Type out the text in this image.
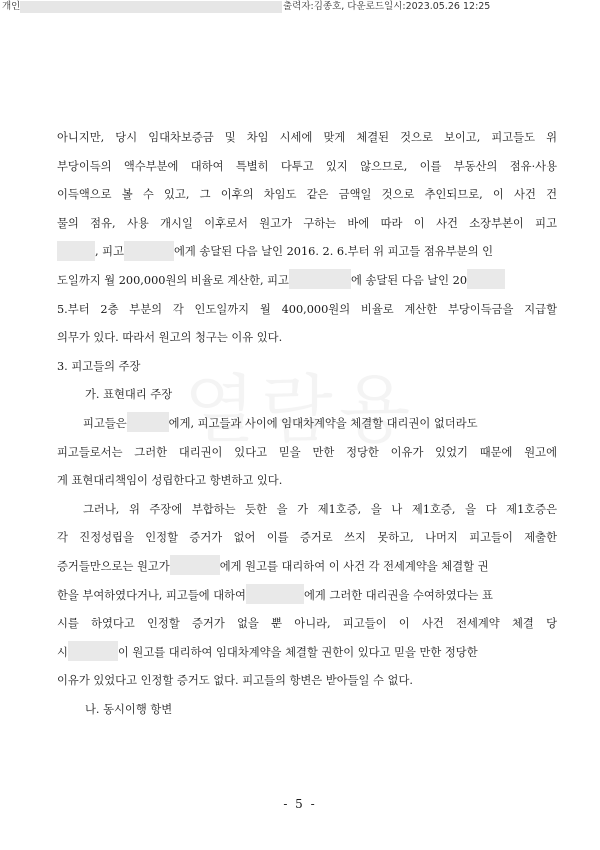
개인	출력자:김종호, 다운로드일시:2023.05.26 12:25
아니지만, 당시 임대차보증금 및 차임 시세에 맞게 체결된 것으로 보이고, 피고들도 위
부당이득의 액수부분에 대하여 특별히 다투고 있지 않으므로, 이를 부동산의 점유·사용
이득액으로 볼 수 있고, 그 이후의 차임도 같은 금액일 것으로 추인되므로, 이 사건 건
물의 점유, 사용 개시일 이후로서 원고가 구하는 바에 따라 이 사건 소장부본이 피고
, 피고	에게 송달된 다음 날인 2016. 2. 6.부터 위 피고들 점유부분의 인
도일까지 월 200,000원의 비율로 계산한, 피고	에 송달된 다음 날인 20
5.부터 2층 부분의 각 인도일까지 월 400,000원의 비율로 계산한 부당이득금을 지급할
의무가 있다. 따라서 원고의 청구는 이유 있다.
3. 피고들의 주장
가. 표현대리 주장
피고들은	에게, 피고들과 사이에 임대차계약을 체결할 대리권이 없더라도
피고들로서는 그러한 대리권이 있다고 믿을 만한 정당한 이유가 있었기 때문에 원고에
게 표현대리책임이 성립한다고 항변하고 있다.
그러나, 위 주장에 부합하는 듯한 을 가 제1호증, 을 나 제1호증, 을 다 제1호증은
각 진정성립을 인정할 증거가 없어 이를 증거로 쓰지 못하고, 나머지 피고들이 제출한
증거들만으로는 원고가	에게 원고를 대리하여 이 사건 각 전세계약을 체결할 권
한을 부여하였다거나, 피고들에 대하여	에게 그러한 대리권을 수여하였다는 표
시를 하였다고 인정할 증거가 없을 뿐 아니라, 피고들이 이 사건 전세계약 체결 당
시	이 원고를 대리하여 임대차계약을 체결할 권한이 있다고 믿을 만한 정당한
이유가 있었다고 인정할 증거도 없다. 피고들의 항변은 받아들일 수 없다.
나. 동시이행 항변
- 5 -
